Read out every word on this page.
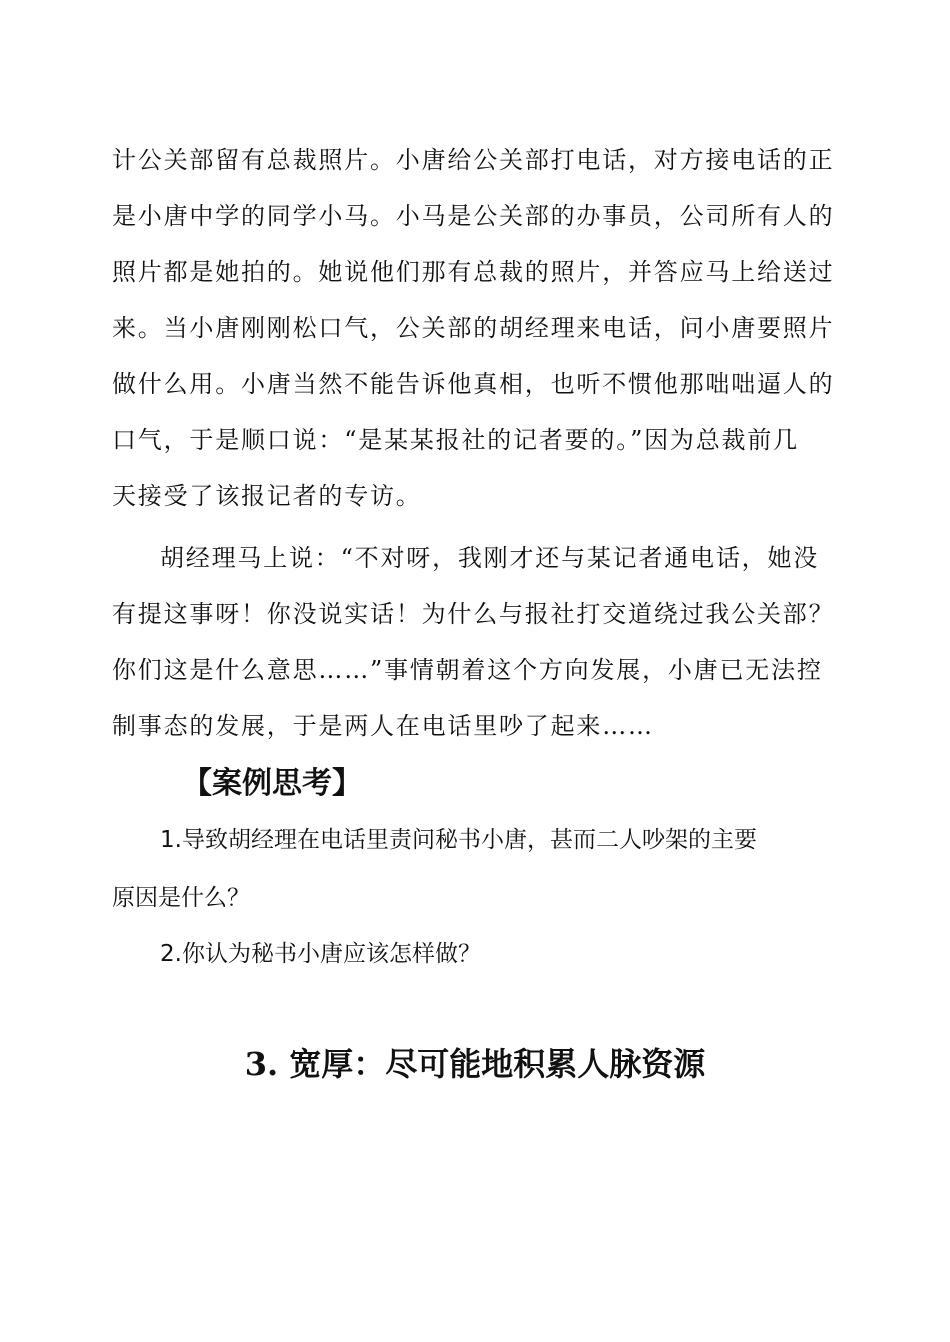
计公关部留有总裁照片。小唐给公关部打电话，对方接电话的正
是小唐中学的同学小马。小马是公关部的办事员，公司所有人的
照片都是她拍的。她说他们那有总裁的照片，并答应马上给送过
来。当小唐刚刚松口气，公关部的胡经理来电话，问小唐要照片
做什么用。小唐当然不能告诉他真相，也听不惯他那咄咄逼人的
口气，于是顺口说：“是某某报社的记者要的。”因为总裁前几
天接受了该报记者的专访。

胡经理马上说：“不对呀，我刚才还与某记者通电话，她没
有提这事呀！你没说实话！为什么与报社打交道绕过我公关部？
你们这是什么意思……”事情朝着这个方向发展，小唐已无法控
制事态的发展，于是两人在电话里吵了起来……

【案例思考】

1.导致胡经理在电话里责问秘书小唐，甚而二人吵架的主要
原因是什么？

2.你认为秘书小唐应该怎样做？

3. 宽厚：尽可能地积累人脉资源
